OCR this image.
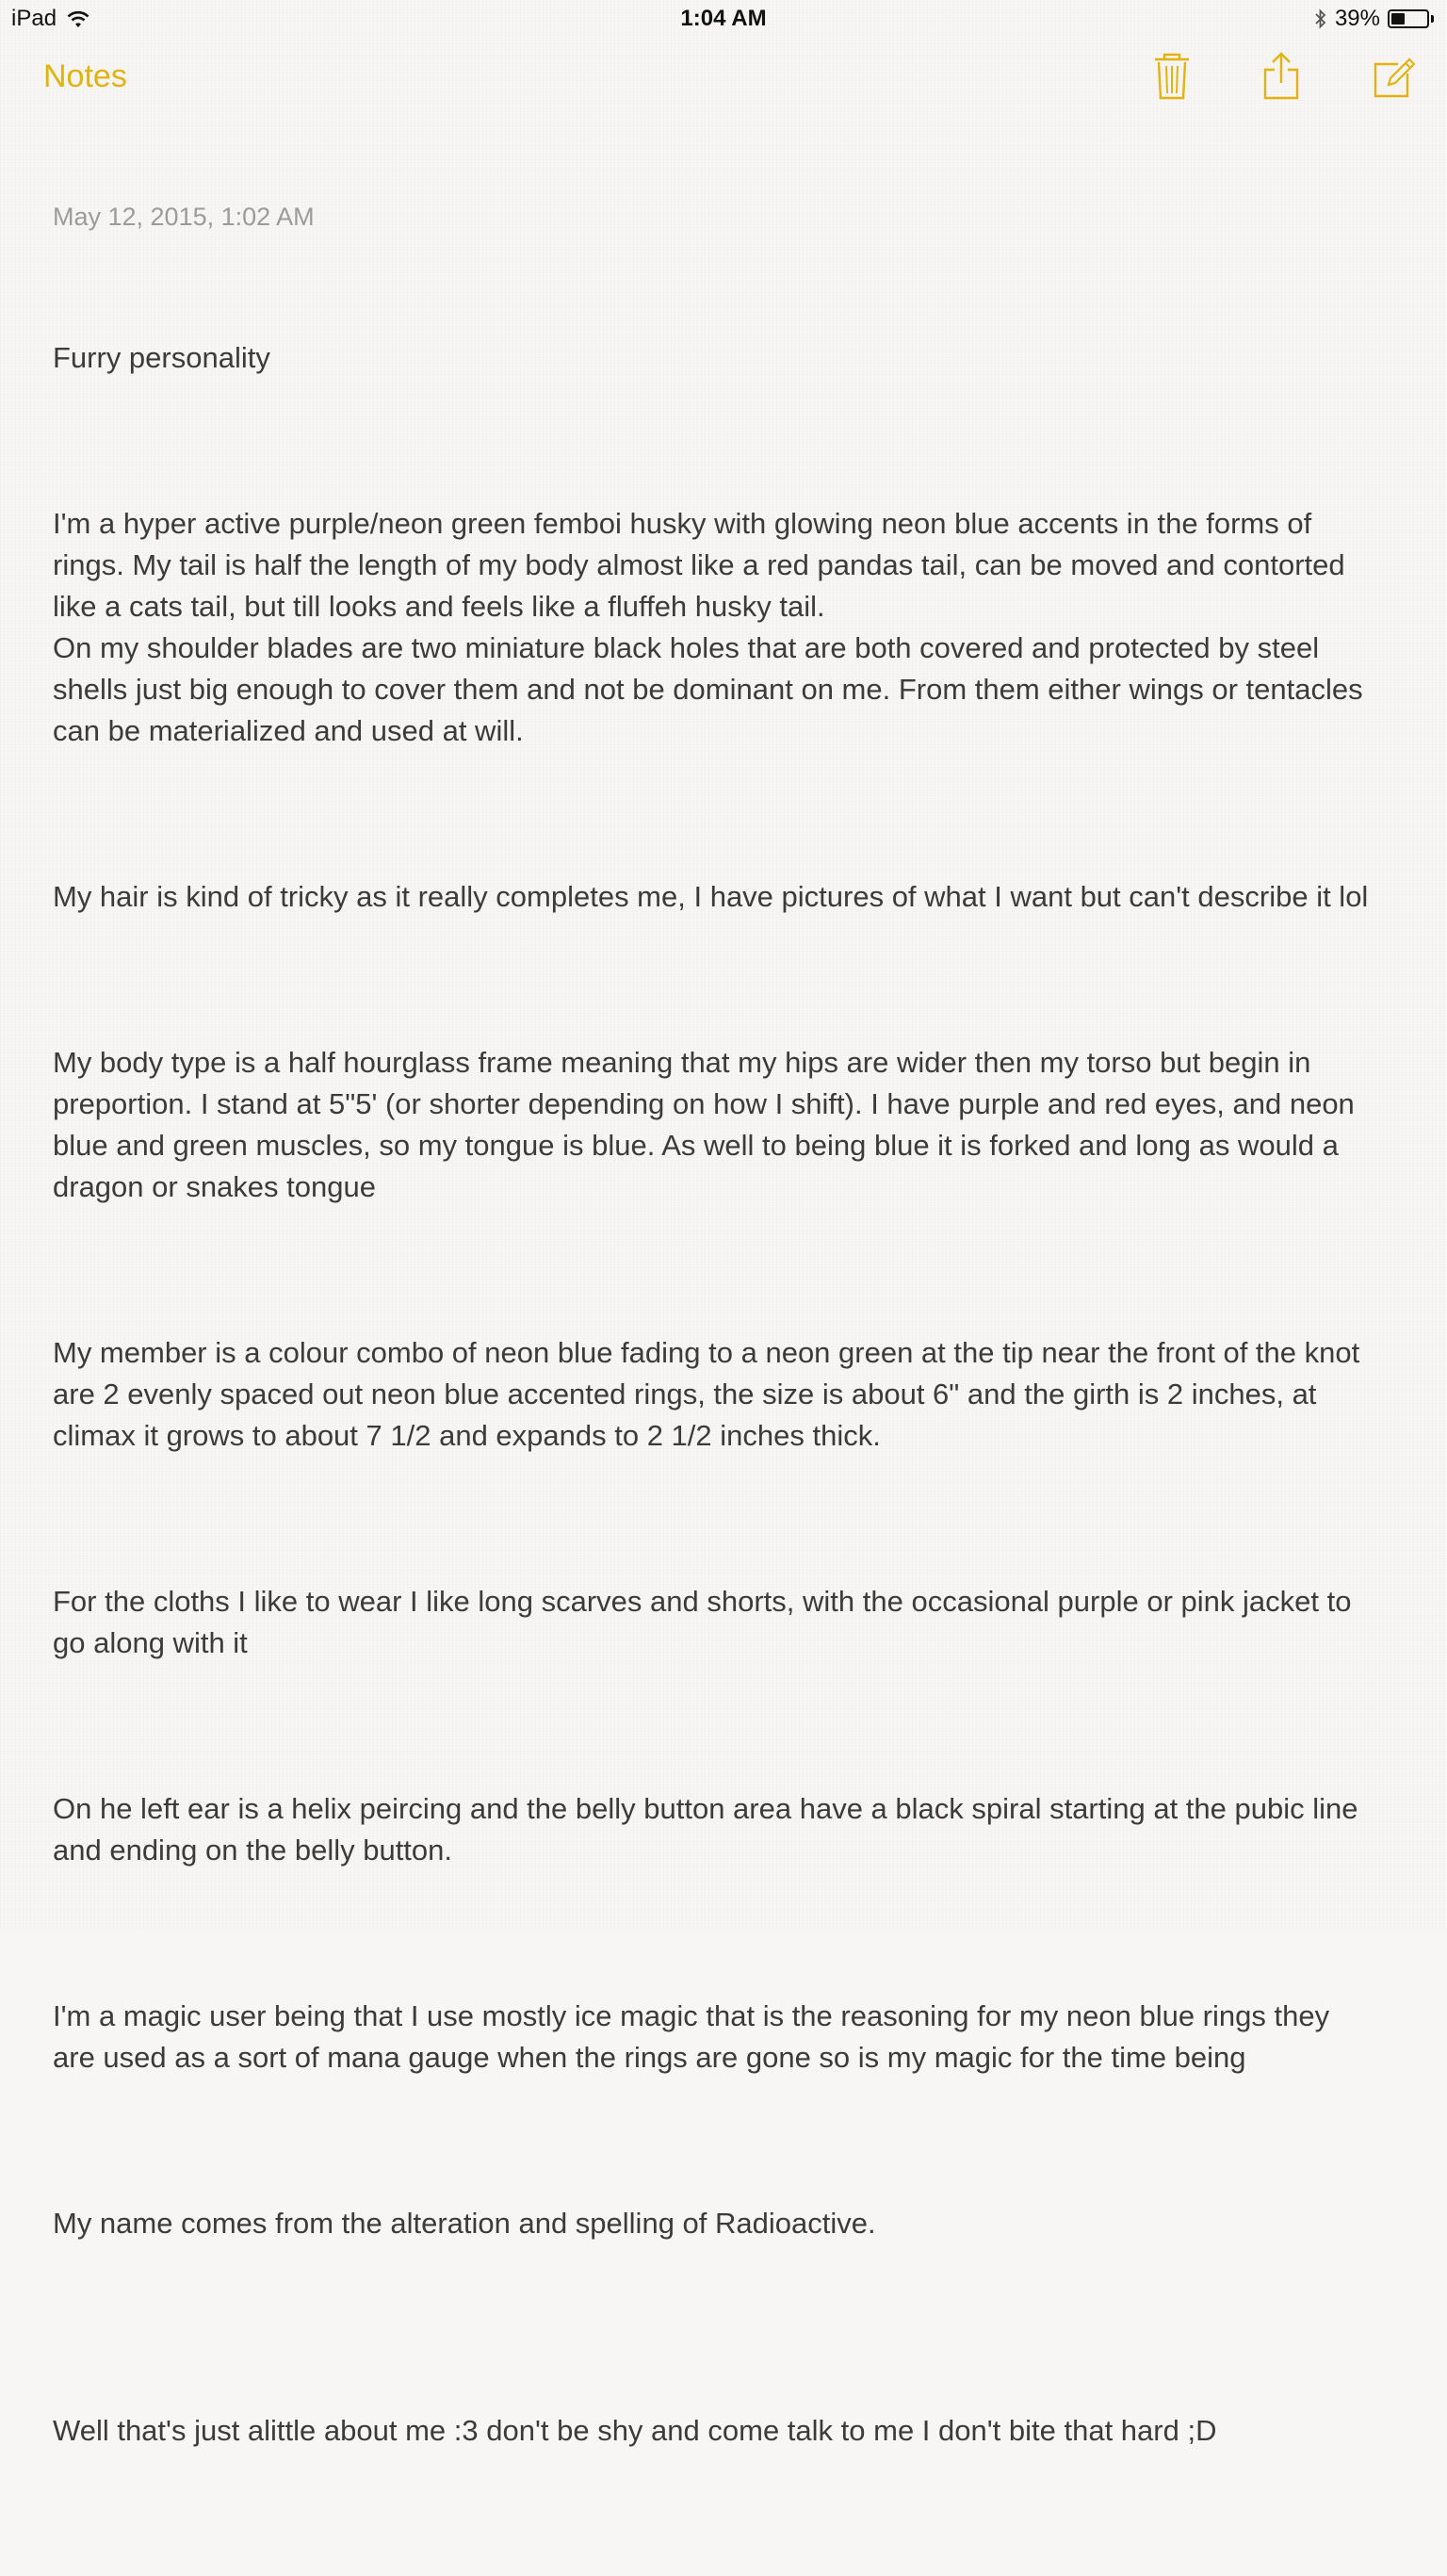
iPad	1:04 AM	39%
Notes
May 12, 2015, 1:02 AM

Furry personality

I'm a hyper active purple/neon green femboi husky with glowing neon blue accents in the forms of rings. My tail is half the length of my body almost like a red pandas tail, can be moved and contorted like a cats tail, but till looks and feels like a fluffeh husky tail.
On my shoulder blades are two miniature black holes that are both covered and protected by steel shells just big enough to cover them and not be dominant on me. From them either wings or tentacles can be materialized and used at will.

My hair is kind of tricky as it really completes me, I have pictures of what I want but can't describe it lol

My body type is a half hourglass frame meaning that my hips are wider then my torso but begin in preportion. I stand at 5"5' (or shorter depending on how I shift). I have purple and red eyes, and neon blue and green muscles, so my tongue is blue. As well to being blue it is forked and long as would a dragon or snakes tongue

My member is a colour combo of neon blue fading to a neon green at the tip near the front of the knot are 2 evenly spaced out neon blue accented rings, the size is about 6" and the girth is 2 inches, at climax it grows to about 7 1/2 and expands to 2 1/2 inches thick.

For the cloths I like to wear I like long scarves and shorts, with the occasional purple or pink jacket to go along with it

On he left ear is a helix peircing and the belly button area have a black spiral starting at the pubic line and ending on the belly button.

I'm a magic user being that I use mostly ice magic that is the reasoning for my neon blue rings they are used as a sort of mana gauge when the rings are gone so is my magic for the time being

My name comes from the alteration and spelling of Radioactive.

Well that's just alittle about me :3 don't be shy and come talk to me I don't bite that hard ;D
